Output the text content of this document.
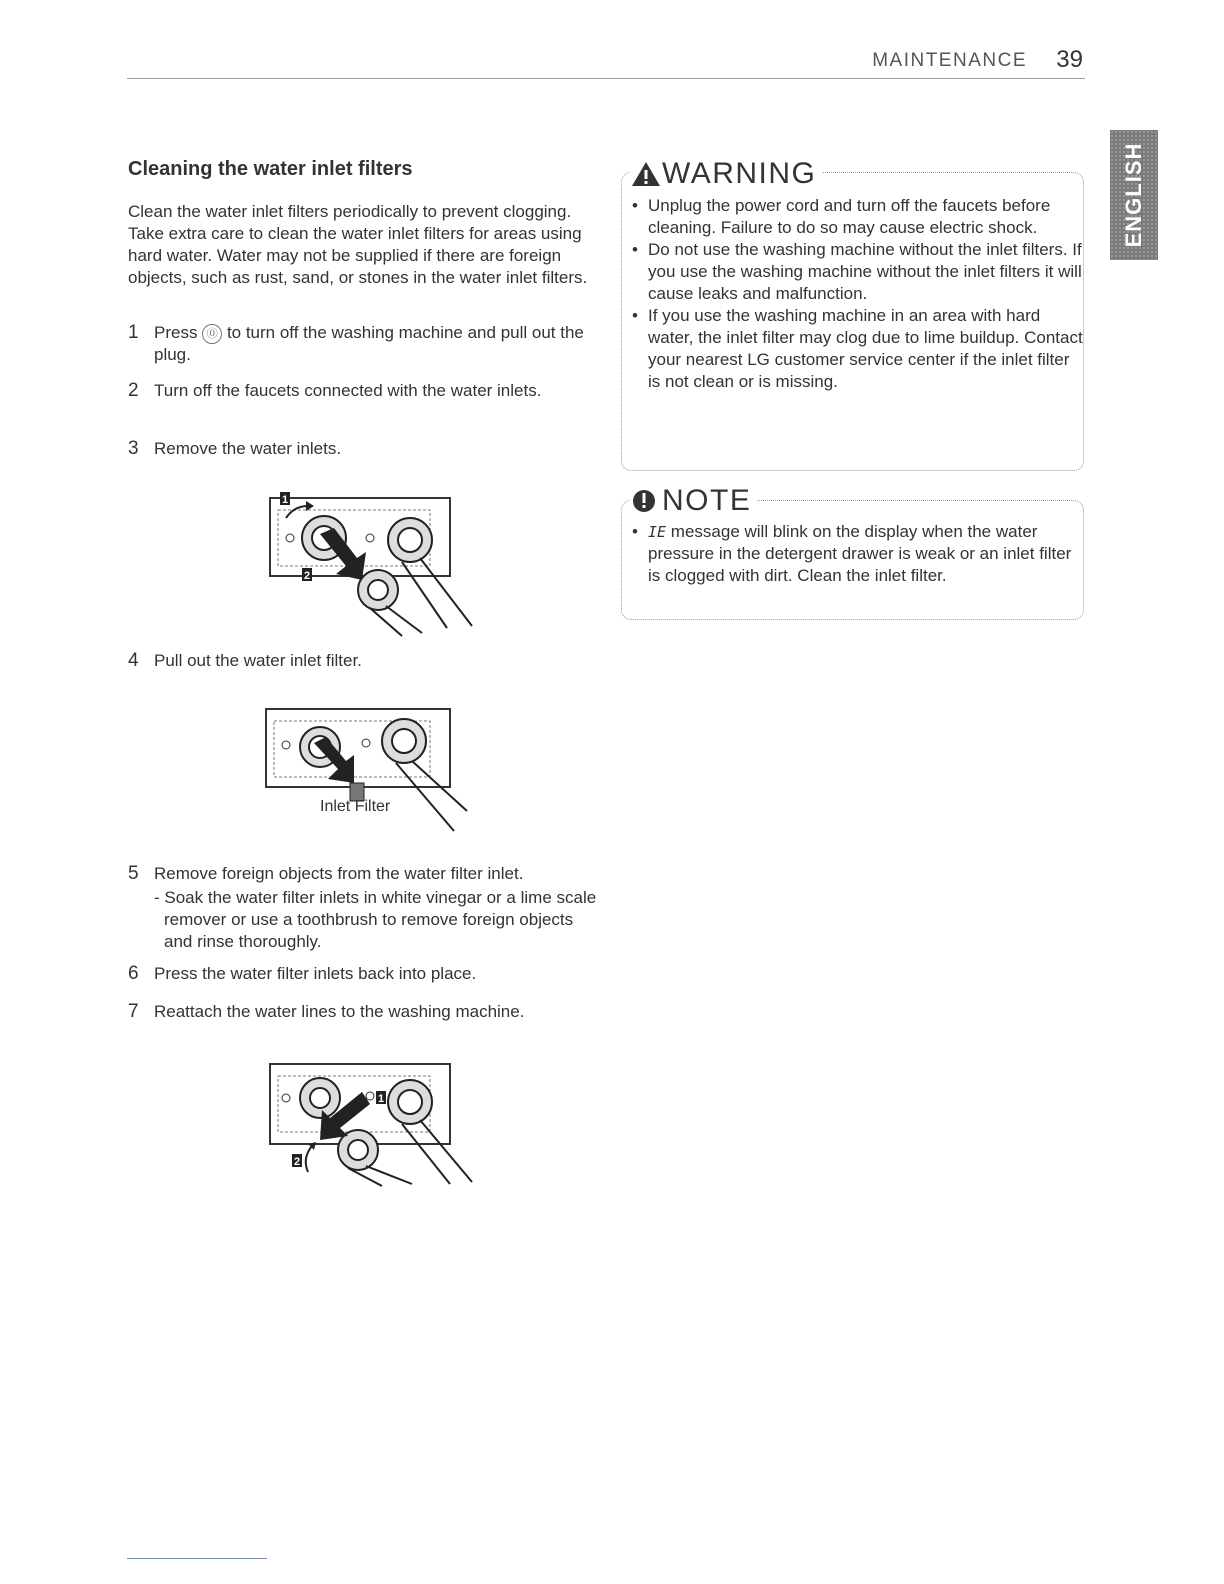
MAINTENANCE 39
ENGLISH
Cleaning the water inlet filters
Clean the water inlet filters periodically to prevent clogging. Take extra care to clean the water inlet filters for areas using hard water. Water may not be supplied if there are foreign objects, such as rust, sand, or stones in the water inlet filters.
1 Press ⓪ to turn off the washing machine and pull out the plug.
2 Turn off the faucets connected with the water inlets.
3 Remove the water inlets.
4 Pull out the water inlet filter.
5 Remove foreign objects from the water filter inlet.
- Soak the water filter inlets in white vinegar or a lime scale remover or use a toothbrush to remove foreign objects and rinse thoroughly.
6 Press the water filter inlets back into place.
7 Reattach the water lines to the washing machine.
1
2
Inlet Filter
1
2
WARNING
• Unplug the power cord and turn off the faucets before cleaning. Failure to do so may cause electric shock.
• Do not use the washing machine without the inlet filters. If you use the washing machine without the inlet filters it will cause leaks and malfunction.
• If you use the washing machine in an area with hard water, the inlet filter may clog due to lime buildup. Contact your nearest LG customer service center if the inlet filter is not clean or is missing.
NOTE
• IE message will blink on the display when the water pressure in the detergent drawer is weak or an inlet filter is clogged with dirt. Clean the inlet filter.
